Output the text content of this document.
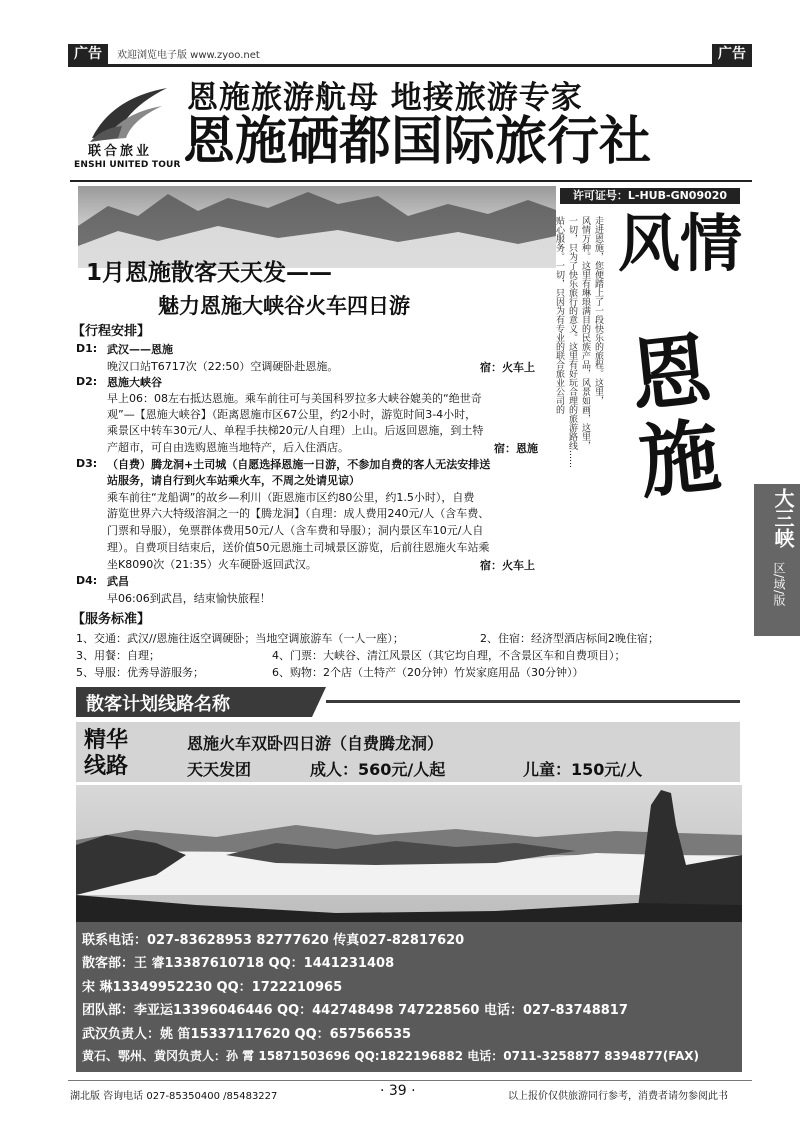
广告	欢迎浏览电子版 www.zyoo.net	广告
联合旅业
ENSHI UNITED TOUR
恩施旅游航母 地接旅游专家
恩施硒都国际旅行社
许可证号：L-HUB-GN09020
1月恩施散客天天发——
魅力恩施大峡谷火车四日游	走进恩施，您便踏上了一段快乐的旅程。这里，
风情万种。这里有琳琅满目的民族产品，风景如画，这里，
一切，只为了快乐旅行的意义。这里有好玩合理的旅游路线……
贴心服务。一切，只因为有专业的联合旅业公司的 风情
恩施
【行程安排】
D1: 武汉——恩施
晚汉口站T6717次（22:50）空调硬卧赴恩施。	宿：火车上
D2: 恩施大峡谷
早上06：08左右抵达恩施。乘车前往可与美国科罗拉多大峡谷媲美的“绝世奇
观”—【恩施大峡谷】（距离恩施市区67公里，约2小时，游览时间3-4小时，
乘景区中转车30元/人、单程手扶梯20元/人自理）上山。后返回恩施，到土特
产超市，可自由选购恩施当地特产，后入住酒店。	宿：恩施
D3: （自费）腾龙洞+土司城（自愿选择恩施一日游，不参加自费的客人无法安排送
站服务，请自行到火车站乘火车，不周之处请见谅）
乘车前往“龙船调”的故乡—利川（距恩施市区约80公里，约1.5小时），自费
游览世界六大特级溶洞之一的【腾龙洞】（自理：成人费用240元/人（含车费、
门票和导服），免票群体费用50元/人（含车费和导服）；洞内景区车10元/人自
理）。自费项目结束后，送价值50元恩施土司城景区游览，后前往恩施火车站乘
坐K8090次（21:35）火车硬卧返回武汉。	宿：火车上
D4: 武昌
早06:06到武昌，结束愉快旅程！
大三峡
区/域/版
【服务标准】
1、交通：武汉//恩施往返空调硬卧；当地空调旅游车（一人一座）；	2、住宿：经济型酒店标间2晚住宿；
3、用餐：自理；	4、门票：大峡谷、清江风景区（其它均自理，不含景区车和自费项目）；
5、导服：优秀导游服务；	6、购物：2个店（土特产（20分钟）竹炭家庭用品（30分钟））
散客计划线路名称
精华线路
恩施火车双卧四日游（自费腾龙洞）
天天发团	成人：560元/人起	儿童：150元/人
联系电话：027-83628953 82777620 传真027-82817620
散客部：王 睿13387610718 QQ：1441231408
宋 琳13349952230 QQ：1722210965
团队部：李亚运13396046446 QQ：442748498 747228560 电话：027-83748817
武汉负责人：姚 笛15337117620 QQ：657566535
黄石、鄂州、黄冈负责人：孙 霄 15871503696 QQ:1822196882 电话：0711-3258877 8394877(FAX)
湖北版 咨询电话 027-85350400 /85483227	· 39 ·	以上报价仅供旅游同行参考，消费者请勿参阅此书
